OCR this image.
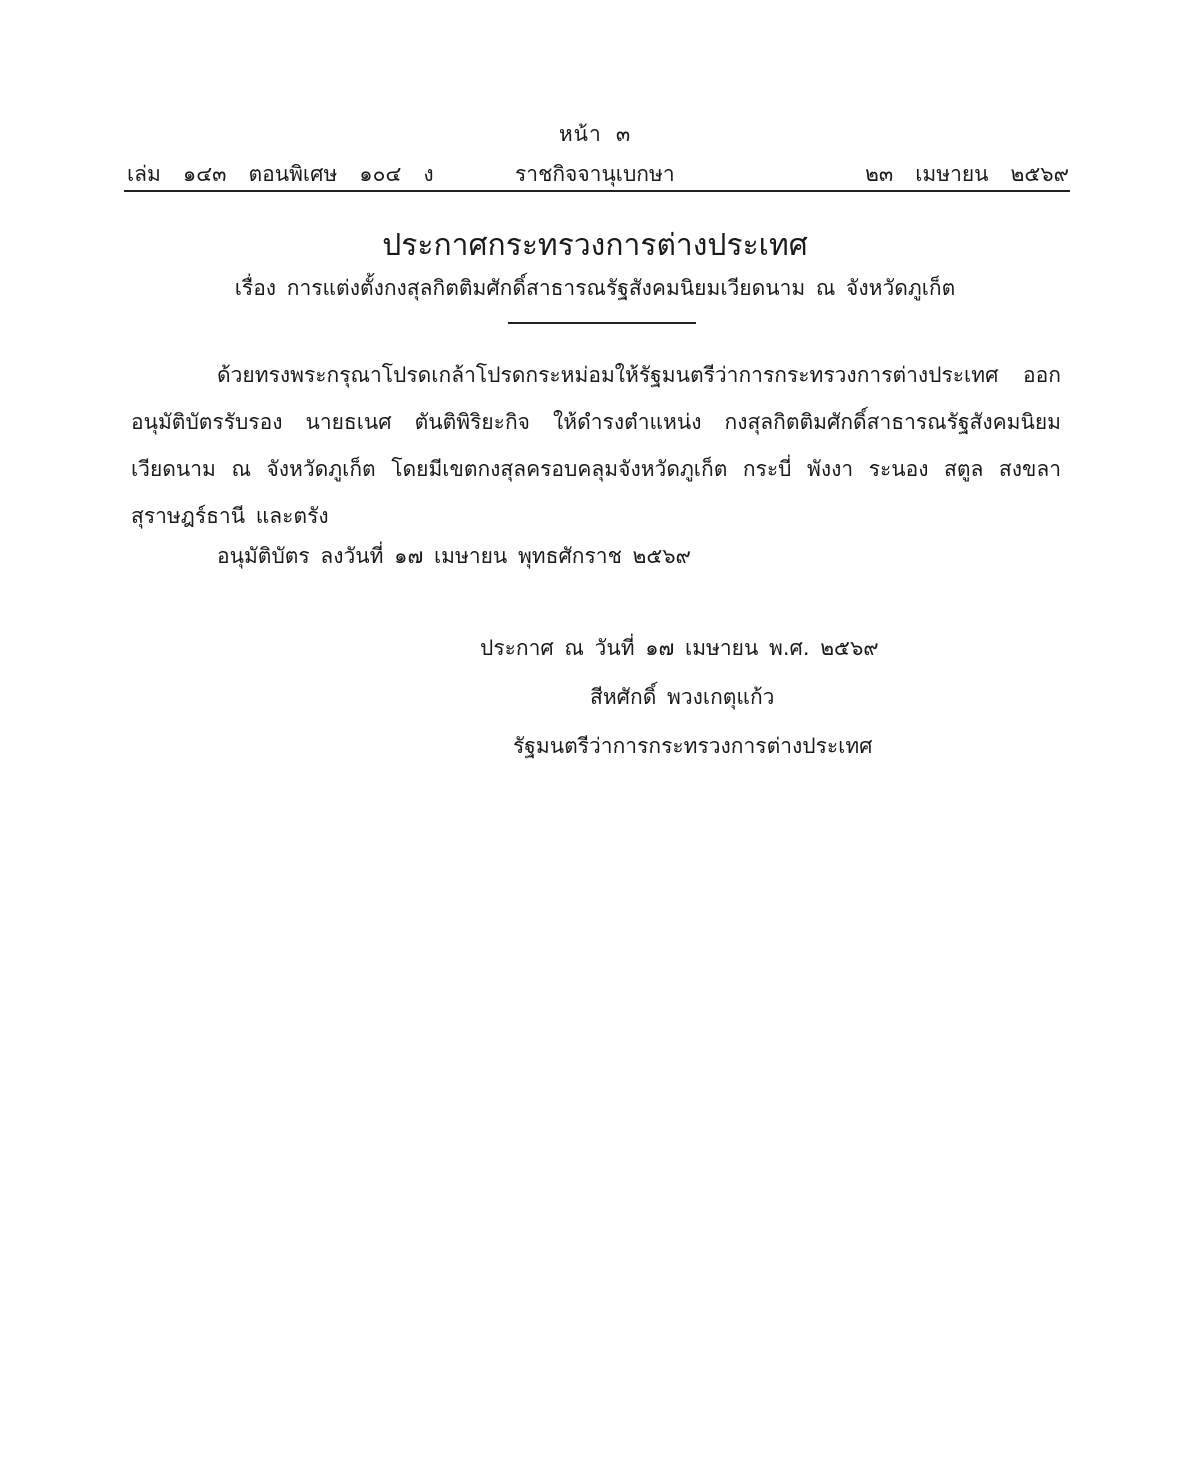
หน้า ๓
เล่ม ๑๔๓ ตอนพิเศษ ๑๐๔ ง	ราชกิจจานุเบกษา	๒๓ เมษายน ๒๕๖๙
ประกาศกระทรวงการต่างประเทศ
เรื่อง การแต่งตั้งกงสุลกิตติมศักดิ์สาธารณรัฐสังคมนิยมเวียดนาม ณ จังหวัดภูเก็ต

ด้วยทรงพระกรุณาโปรดเกล้าโปรดกระหม่อมให้รัฐมนตรีว่าการกระทรวงการต่างประเทศ ออกอนุมัติบัตรรับรอง นายธเนศ ตันติพิริยะกิจ ให้ดำรงตำแหน่ง กงสุลกิตติมศักดิ์สาธารณรัฐสังคมนิยมเวียดนาม ณ จังหวัดภูเก็ต โดยมีเขตกงสุลครอบคลุมจังหวัดภูเก็ต กระบี่ พังงา ระนอง สตูล สงขลา สุราษฎร์ธานี และตรัง

อนุมัติบัตร ลงวันที่ ๑๗ เมษายน พุทธศักราช ๒๕๖๙
ประกาศ ณ วันที่ ๑๗ เมษายน พ.ศ. ๒๕๖๙
สีหศักดิ์ พวงเกตุแก้ว
รัฐมนตรีว่าการกระทรวงการต่างประเทศ
